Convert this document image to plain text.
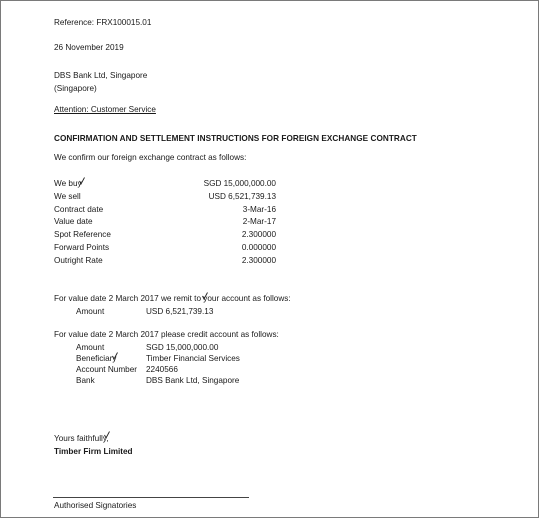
Reference: FRX100015.01
26 November 2019
DBS Bank Ltd, Singapore
(Singapore)
Attention: Customer Service
CONFIRMATION AND SETTLEMENT INSTRUCTIONS FOR FOREIGN EXCHANGE CONTRACT
We confirm our foreign exchange contract as follows:
We buy	SGD 15,000,000.00
We sell	USD 6,521,739.13
Contract date	3-Mar-16
Value date	2-Mar-17
Spot Reference	2.300000
Forward Points	0.000000
Outright Rate	2.300000
For value date 2 March 2017 we remit to your account as follows:
Amount	USD 6,521,739.13
For value date 2 March 2017 please credit account as follows:
Amount	SGD 15,000,000.00
Beneficiary	Timber Financial Services
Account Number 2240566
Bank	DBS Bank Ltd, Singapore
Yours faithfully,
Timber Firm Limited
Authorised Signatories
